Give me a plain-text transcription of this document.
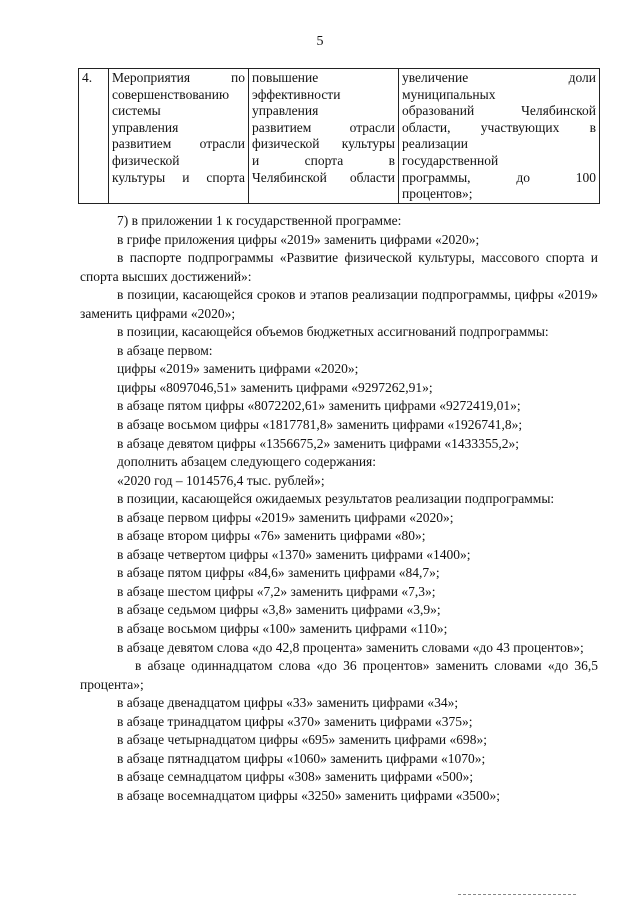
5
4.	Мероприятия по
совершенствованию
системы
управления
развитием отрасли
физической
культуры и спорта

повышение
эффективности
управления
развитием отрасли
физической культуры
и спорта в
Челябинской области

увеличение доли
муниципальных
образований Челябинской
области, участвующих в
реализации
государственной
программы, до 100
процентов»;
7) в приложении 1 к государственной программе:
в грифе приложения цифры «2019» заменить цифрами «2020»;
в паспорте подпрограммы «Развитие физической культуры, массового спорта и спорта высших достижений»:
в позиции, касающейся сроков и этапов реализации подпрограммы, цифры «2019» заменить цифрами «2020»;
в позиции, касающейся объемов бюджетных ассигнований подпрограммы:
в абзаце первом:
цифры «2019» заменить цифрами «2020»;
цифры «8097046,51» заменить цифрами «9297262,91»;
в абзаце пятом цифры «8072202,61» заменить цифрами «9272419,01»;
в абзаце восьмом цифры «1817781,8» заменить цифрами «1926741,8»;
в абзаце девятом цифры «1356675,2» заменить цифрами «1433355,2»;
дополнить абзацем следующего содержания:
«2020 год – 1014576,4 тыс. рублей»;
в позиции, касающейся ожидаемых результатов реализации подпрограммы:
в абзаце первом цифры «2019» заменить цифрами «2020»;
в абзаце втором цифры «76» заменить цифрами «80»;
в абзаце четвертом цифры «1370» заменить цифрами «1400»;
в абзаце пятом цифры «84,6» заменить цифрами «84,7»;
в абзаце шестом цифры «7,2» заменить цифрами «7,3»;
в абзаце седьмом цифры «3,8» заменить цифрами «3,9»;
в абзаце восьмом цифры «100» заменить цифрами «110»;
в абзаце девятом слова «до 42,8 процента» заменить словами «до 43 процентов»;
в абзаце одиннадцатом слова «до 36 процентов» заменить словами «до 36,5 процента»;
в абзаце двенадцатом цифры «33» заменить цифрами «34»;
в абзаце тринадцатом цифры «370» заменить цифрами «375»;
в абзаце четырнадцатом цифры «695» заменить цифрами «698»;
в абзаце пятнадцатом цифры «1060» заменить цифрами «1070»;
в абзаце семнадцатом цифры «308» заменить цифрами «500»;
в абзаце восемнадцатом цифры «3250» заменить цифрами «3500»;
